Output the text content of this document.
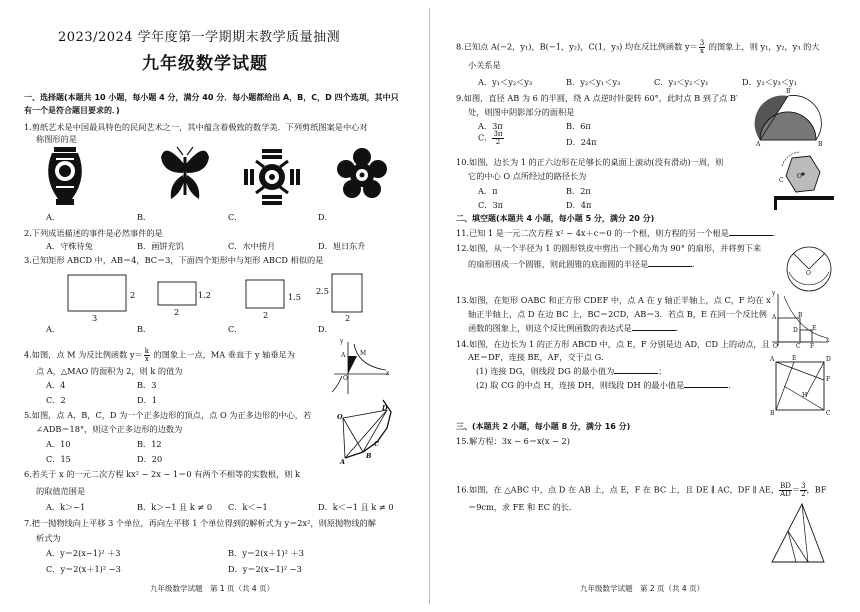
2023/2024 学年度第一学期期末教学质量抽测
九年级数学试题
一、选择题(本题共 10 小题，每小题 4 分，满分 40 分．每小题都给出 A，B，C，D 四个选项，其中只
有一个是符合题目要求的．)
1.剪纸艺术是中国最具特色的民间艺术之一，其中蕴含着极致的数学美．下列剪纸图案是中心对
称图形的是
A．	B．	C．	D．
2.下列成语描述的事件是必然事件的是
A．守株待兔	B．画饼充饥	C．水中捞月	D．旭日东升
3.已知矩形 ABCD 中，AB＝4，BC＝3，下面四个矩形中与矩形 ABCD 相似的是
2
3
1.2
2
1.5
2
2.5
2
A．	B．	C．	D．
4.如图，点 M 为反比例函数 $y= \frac{k}{x}$ 的图象上一点，MA 垂直于 y 轴垂足为
点 A，△MAO 的面积为 2，则 k 的值为
A．4	B．3
C．2	D．1
y
A M
O
x
5.如图，点 A，B，C，D 为一个正多边形的顶点，点 O 为正多边形的中心，若
∠ADB＝18°，则这个正多边形的边数为
A．10	B．12
C．15	D．20
O
D
C
A
B
6.若关于 x 的一元二次方程 kx² − 2x − 1＝0 有两个不相等的实数根，则 k
的取值范围是
A．k＞−1	B．k＞−1 且 k ≠ 0 C．k＜−1	D．k＜−1 且 k ≠ 0
7.把一抛物线向上平移 3 个单位，再向左平移 1 个单位得到的解析式为 y＝2x²，则原抛物线的解
析式为
A．y＝2(x−1)² ＋3	B．y＝2(x＋1)² ＋3
C．y＝2(x＋1)² −3	D．y＝2(x−1)² −3
九年级数学试题　第 1 页（共 4 页）
8.已知点 A(−2，y₁)，B(−1，y₂)，C(1，y₃) 均在反比例函数 $y= \frac{3}{x}$ 的图象上，则 y₁，y₂，y₃ 的大
小关系是
A．y₁＜y₂＜y₃	B．y₂＜y₁＜y₃	C．y₃＜y₂＜y₁	D．y₂＜y₃＜y₁
9.如图，直径 AB 为 6 的半圆，绕 A 点逆时针旋转 60°，此时点 B 到了点 B′
处，则图中阴影部分的面积是
A．3π	B．6π
C． $\frac{3\pi}{2}$	D．24π
B′
A	B
10.如图，边长为 1 的正六边形在足够长的桌面上滚动(没有滑动)一周，则
它的中心 O 点所经过的路径长为
A．π	B．2π
C．3π	D．4π
C
O
二、填空题(本题共 4 小题，每小题 5 分，满分 20 分)
11.已知 1 是一元二次方程 x² − 4x＋c＝0 的一个根，则方程的另一个根是	．
12.如图，从一个半径为 1 的圆形铁皮中剪出一个圆心角为 90° 的扇形，并将剪下来
的扇形围成一个圆锥，则此圆锥的底面圆的半径是	．
O
13.如图，在矩形 OABC 和正方形 CDEF 中，点 A 在 y 轴正半轴上，点 C，F 均在 x
轴正半轴上，点 D 在边 BC 上，BC＝2CD，AB＝3．若点 B，E 在同一个反比例
函数的图象上，则这个反比例函数的表达式是	．
y
A	B
D E
O	C F
x
14.如图，在边长为 1 的正方形 ABCD 中，点 E，F 分别是边 AD，CD 上的动点，且
AE＝DF，连接 BE，AF，交于点 G．
(1) 连接 DG，则线段 DG 的最小值为	；
(2) 取 CG 的中点 H，连接 DH，则线段 DH 的最小值是	．
A	E	D
F
H
B	C
三、(本题共 2 小题，每小题 8 分，满分 16 分)
15.解方程：3x − 6＝x(x − 2)
16.如图，在 △ABC 中，点 D 在 AB 上，点 E，F 在 BC 上，且 DE ∥ AC，DF ∥ AE， $\frac{BD}{AD} = \frac{3}{2}$ ，BF
＝9cm，求 FE 和 EC 的长．
九年级数学试题　第 2 页（共 4 页）
